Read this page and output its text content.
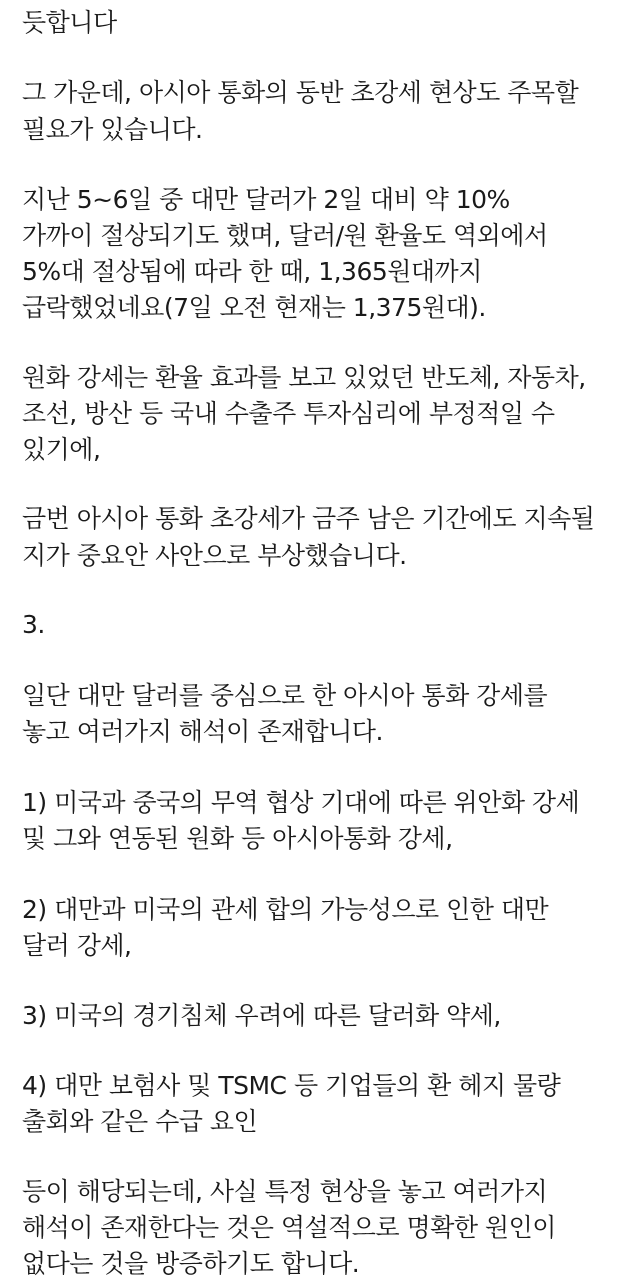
듯합니다
그 가운데, 아시아 통화의 동반 초강세 현상도 주목할
필요가 있습니다.
지난 5~6일 중 대만 달러가 2일 대비 약 10%
가까이 절상되기도 했며, 달러/원 환율도 역외에서
5%대 절상됨에 따라 한 때, 1,365원대까지
급락했었네요(7일 오전 현재는 1,375원대).
원화 강세는 환율 효과를 보고 있었던 반도체, 자동차,
조선, 방산 등 국내 수출주 투자심리에 부정적일 수
있기에,
금번 아시아 통화 초강세가 금주 남은 기간에도 지속될
지가 중요안 사안으로 부상했습니다.
3.
일단 대만 달러를 중심으로 한 아시아 통화 강세를
놓고 여러가지 해석이 존재합니다.
1) 미국과 중국의 무역 협상 기대에 따른 위안화 강세
및 그와 연동된 원화 등 아시아통화 강세,
2) 대만과 미국의 관세 합의 가능성으로 인한 대만
달러 강세,
3) 미국의 경기침체 우려에 따른 달러화 약세,
4) 대만 보험사 및 TSMC 등 기업들의 환 헤지 물량
출회와 같은 수급 요인
등이 해당되는데, 사실 특정 현상을 놓고 여러가지
해석이 존재한다는 것은 역설적으로 명확한 원인이
없다는 것을 방증하기도 합니다.
